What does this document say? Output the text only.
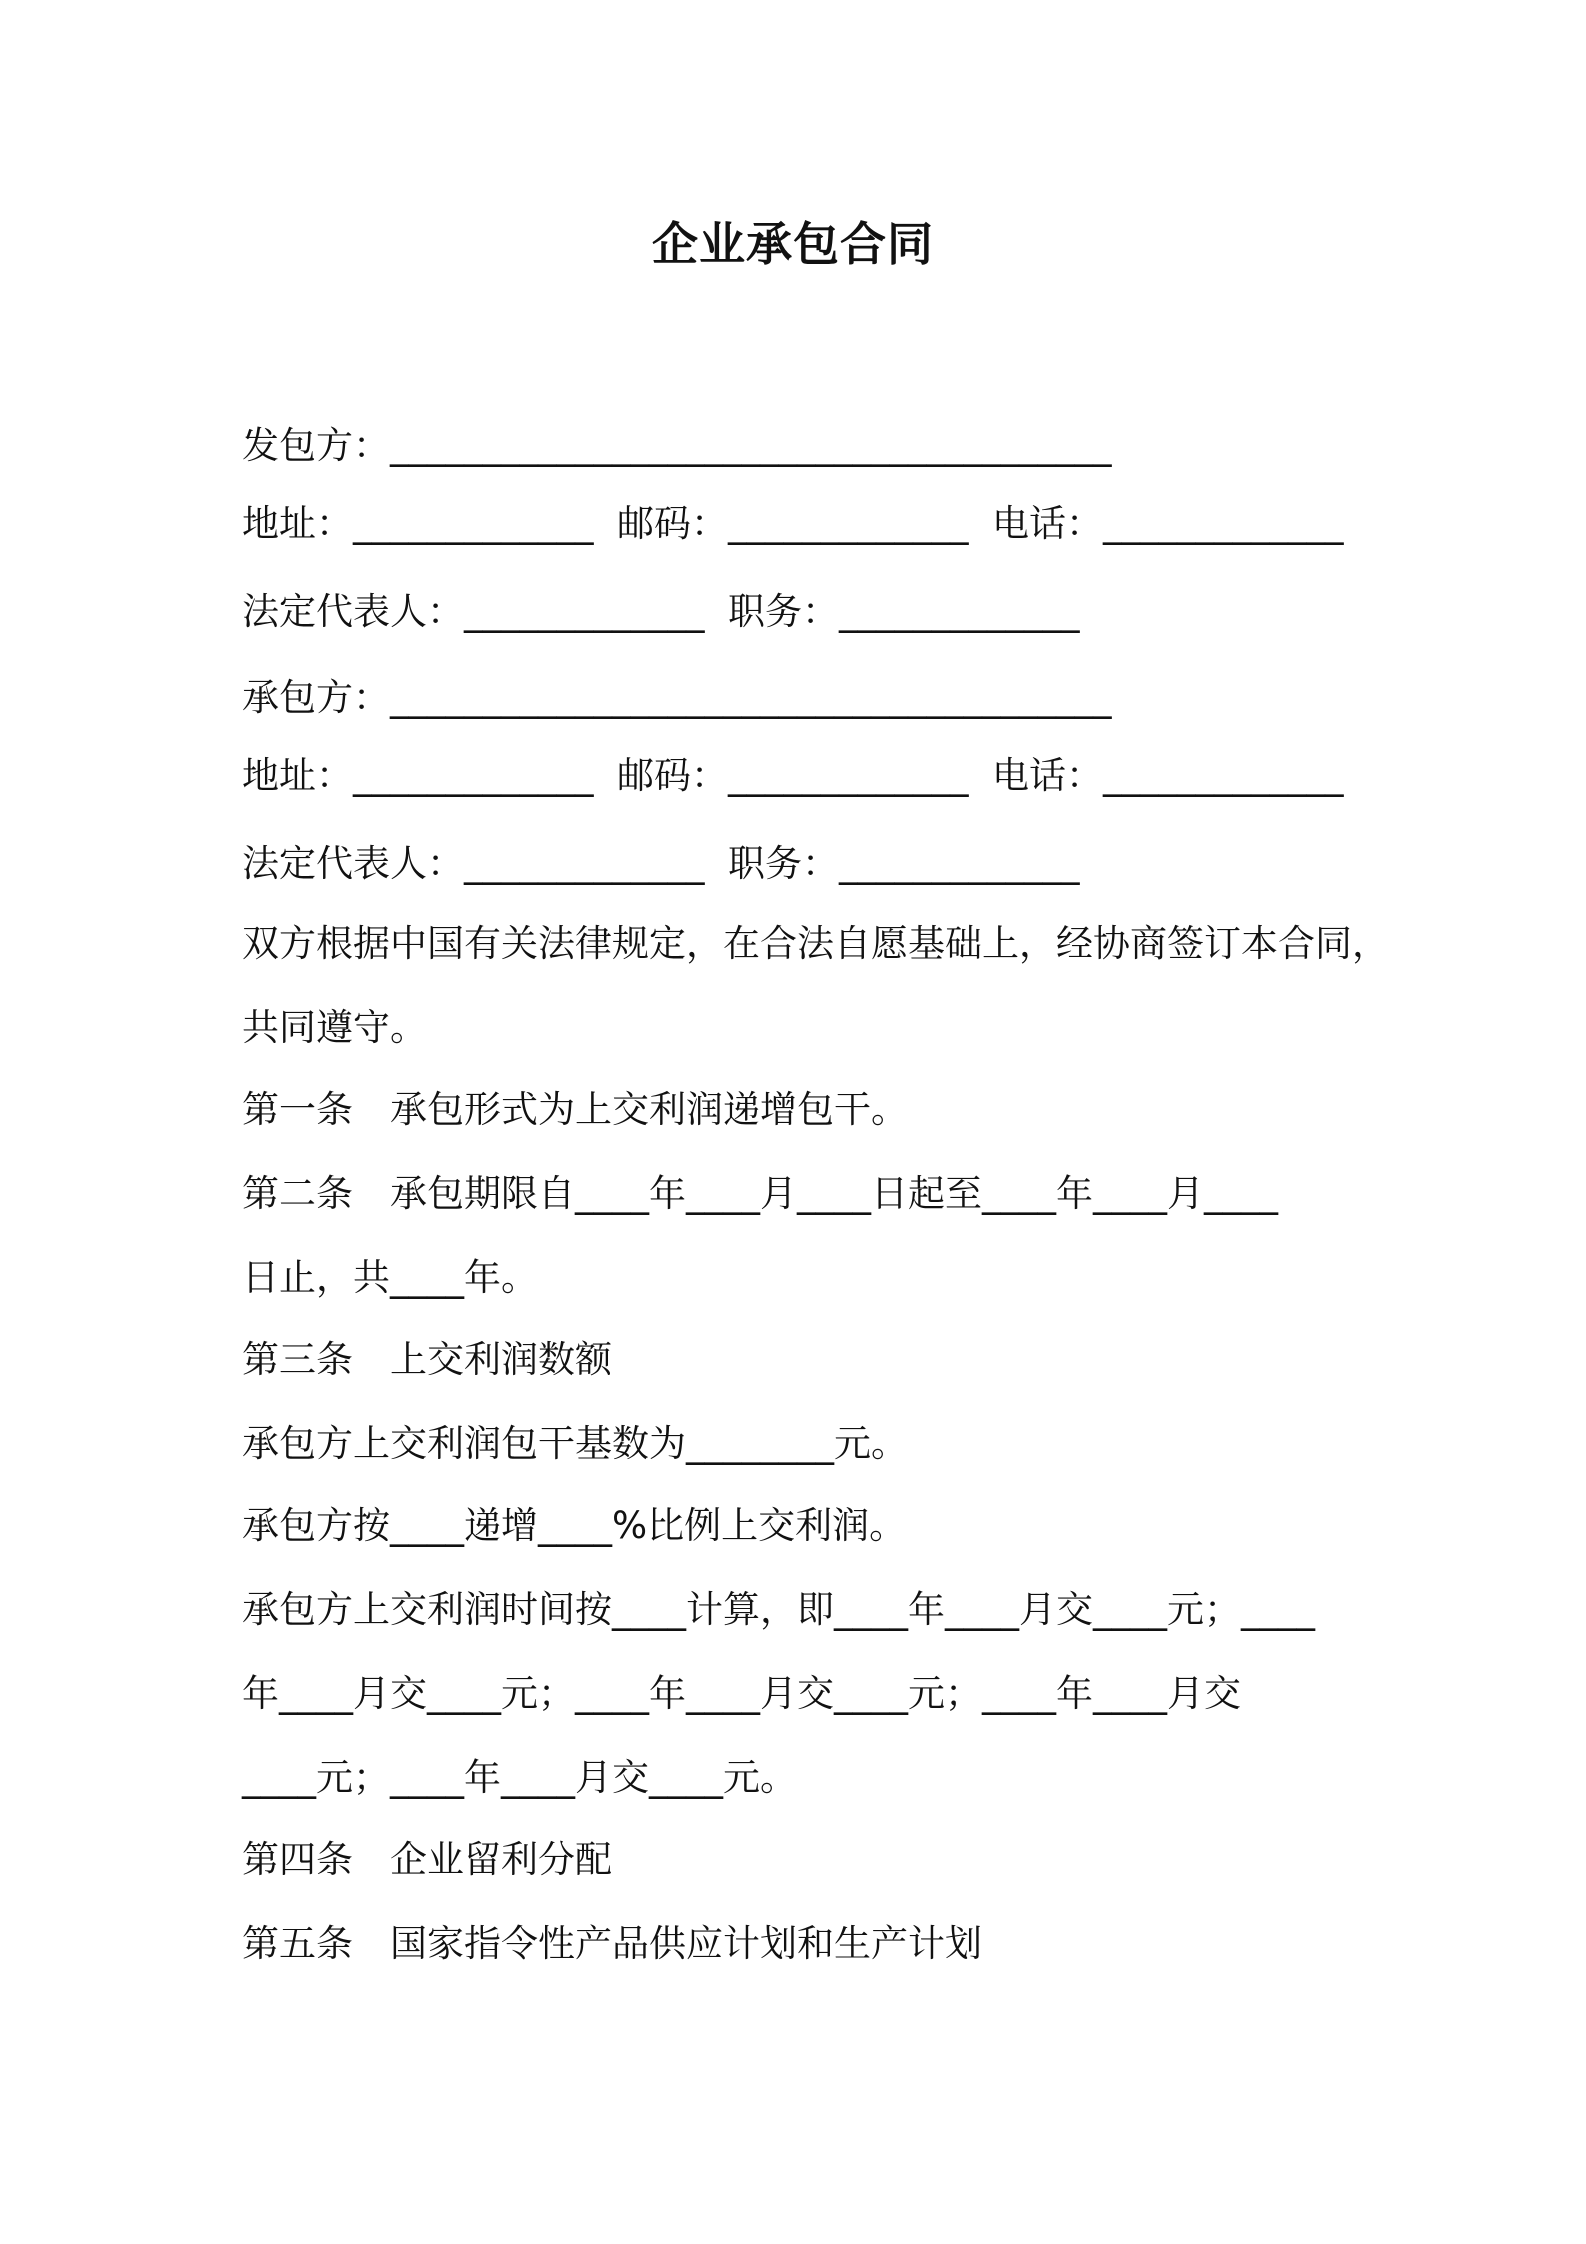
企业承包合同
发包方：_______________________________________
地址：_____________  邮码：_____________  电话：_____________
法定代表人：_____________  职务：_____________
承包方：_______________________________________
地址：_____________  邮码：_____________  电话：_____________
法定代表人：_____________  职务：_____________
双方根据中国有关法律规定，在合法自愿基础上，经协商签订本合同，
共同遵守。
第一条　承包形式为上交利润递增包干。
第二条　承包期限自____年____月____日起至____年____月____
日止，共____年。
第三条　上交利润数额
承包方上交利润包干基数为________元。
承包方按____递增____%比例上交利润。
承包方上交利润时间按____计算，即____年____月交____元；____
年____月交____元；____年____月交____元；____年____月交
____元；____年____月交____元。
第四条　企业留利分配
第五条　国家指令性产品供应计划和生产计划
